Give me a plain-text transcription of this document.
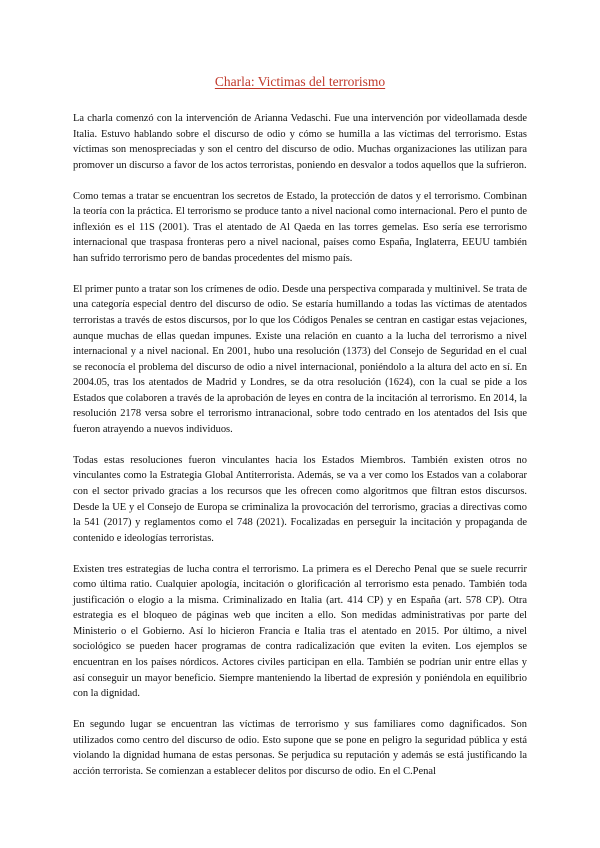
Charla: Victimas del terrorismo

La charla comenzó con la intervención de Arianna Vedaschi. Fue una intervención por videollamada desde Italia. Estuvo hablando sobre el discurso de odio y cómo se humilla a las víctimas del terrorismo. Estas víctimas son menospreciadas y son el centro del discurso de odio. Muchas organizaciones las utilizan para promover un discurso a favor de los actos terroristas, poniendo en desvalor a todos aquellos que la sufrieron.

Como temas a tratar se encuentran los secretos de Estado, la protección de datos y el terrorismo. Combinan la teoría con la práctica. El terrorismo se produce tanto a nivel nacional como internacional. Pero el punto de inflexión es el 11S (2001). Tras el atentado de Al Qaeda en las torres gemelas. Eso sería ese terrorismo internacional que traspasa fronteras pero a nivel nacional, países como España, Inglaterra, EEUU también han sufrido terrorismo pero de bandas procedentes del mismo país.

El primer punto a tratar son los crímenes de odio. Desde una perspectiva comparada y multinivel. Se trata de una categoría especial dentro del discurso de odio. Se estaría humillando a todas las víctimas de atentados terroristas a través de estos discursos, por lo que los Códigos Penales se centran en castigar estas vejaciones, aunque muchas de ellas quedan impunes. Existe una relación en cuanto a la lucha del terrorismo a nivel internacional y a nivel nacional. En 2001, hubo una resolución (1373) del Consejo de Seguridad en el cual se reconocía el problema del discurso de odio a nivel internacional, poniéndolo a la altura del acto en sí. En 2004.05, tras los atentados de Madrid y Londres, se da otra resolución (1624), con la cual se pide a los Estados que colaboren a través de la aprobación de leyes en contra de la incitación al terrorismo. En 2014, la resolución 2178 versa sobre el terrorismo intranacional, sobre todo centrado en los atentados del Isis que fueron atrayendo a nuevos individuos.

Todas estas resoluciones fueron vinculantes hacia los Estados Miembros. También existen otros no vinculantes como la Estrategia Global Antiterrorista. Además, se va a ver como los Estados van a colaborar con el sector privado gracias a los recursos que les ofrecen como algoritmos que filtran estos discursos. Desde la UE y el Consejo de Europa se criminaliza la provocación del terrorismo, gracias a directivas como la 541 (2017) y reglamentos como el 748 (2021). Focalizadas en perseguir la incitación y propaganda de contenido e ideologías terroristas.

Existen tres estrategias de lucha contra el terrorismo. La primera es el Derecho Penal que se suele recurrir como última ratio. Cualquier apología, incitación o glorificación al terrorismo esta penado. También toda justificación o elogio a la misma. Criminalizado en Italia (art. 414 CP) y en España (art. 578 CP). Otra estrategia es el bloqueo de páginas web que inciten a ello. Son medidas administrativas por parte del Ministerio o el Gobierno. Así lo hicieron Francia e Italia tras el atentado en 2015. Por último, a nivel sociológico se pueden hacer programas de contra radicalización que eviten la eviten. Los ejemplos se encuentran en los países nórdicos. Actores civiles participan en ella. También se podrían unir entre ellas y así conseguir un mayor beneficio. Siempre manteniendo la libertad de expresión y poniéndola en equilibrio con la dignidad.

En segundo lugar se encuentran las víctimas de terrorismo y sus familiares como dagnificados. Son utilizados como centro del discurso de odio. Esto supone que se pone en peligro la seguridad pública y está violando la dignidad humana de estas personas. Se perjudica su reputación y además se está justificando la acción terrorista. Se comienzan a establecer delitos por discurso de odio. En el C.Penal
